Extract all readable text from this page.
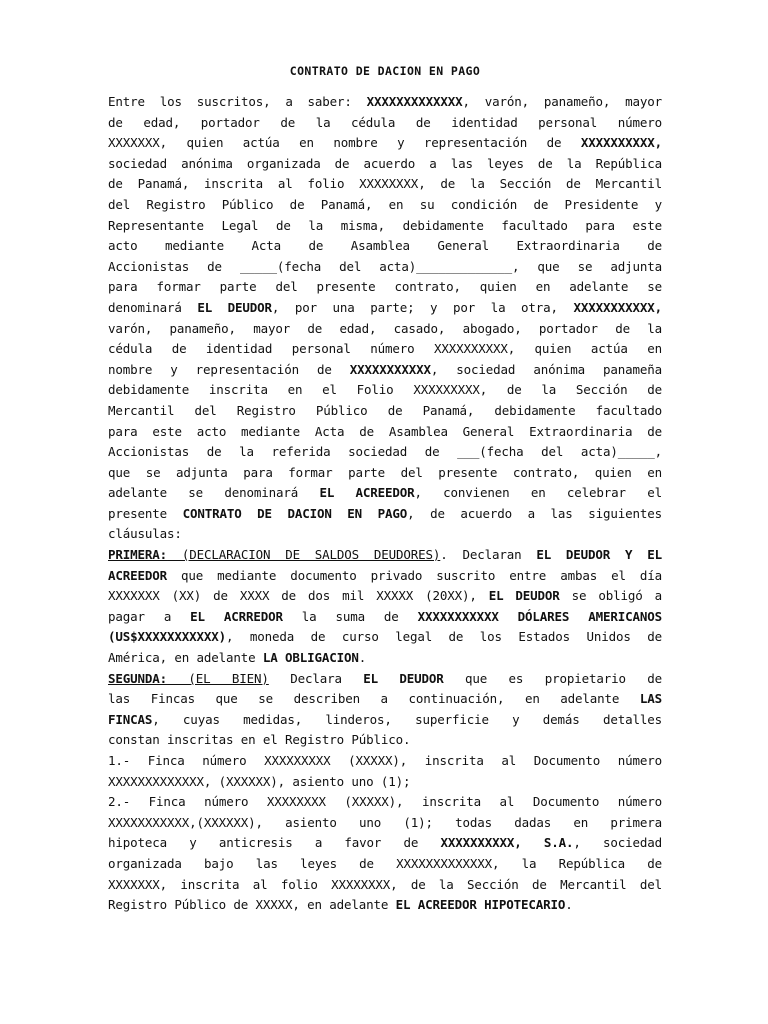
CONTRATO DE DACION EN PAGO
Entre los suscritos, a saber: XXXXXXXXXXXXX, varón, panameño, mayor
de edad, portador de la cédula de identidad personal número
XXXXXXX, quien actúa en nombre y representación de XXXXXXXXXX,
sociedad anónima organizada de acuerdo a las leyes de la República
de Panamá, inscrita al folio XXXXXXXX, de la Sección de Mercantil
del Registro Público de Panamá, en su condición de Presidente y
Representante Legal de la misma, debidamente facultado para este
acto mediante Acta de Asamblea General Extraordinaria de
Accionistas de _____(fecha del acta)_____________, que se adjunta
para formar parte del presente contrato, quien en adelante se
denominará EL DEUDOR, por una parte; y por la otra, XXXXXXXXXXX,
varón, panameño, mayor de edad, casado, abogado, portador de la
cédula de identidad personal número XXXXXXXXXX, quien actúa en
nombre y representación de XXXXXXXXXXX, sociedad anónima panameña
debidamente inscrita en el Folio XXXXXXXXX, de la Sección de
Mercantil del Registro Público de Panamá, debidamente facultado
para este acto mediante Acta de Asamblea General Extraordinaria de
Accionistas de la referida sociedad de ___(fecha del acta)_____,
que se adjunta para formar parte del presente contrato, quien en
adelante se denominará EL ACREEDOR, convienen en celebrar el
presente CONTRATO DE DACION EN PAGO, de acuerdo a las siguientes
cláusulas:
PRIMERA: (DECLARACION DE SALDOS DEUDORES). Declaran EL DEUDOR Y EL
ACREEDOR que mediante documento privado suscrito entre ambas el día
XXXXXXX (XX) de XXXX de dos mil XXXXX (20XX), EL DEUDOR se obligó a
pagar a EL ACRREDOR la suma de XXXXXXXXXXX DÓLARES AMERICANOS
(US$XXXXXXXXXXX), moneda de curso legal de los Estados Unidos de
América, en adelante LA OBLIGACION.
SEGUNDA: (EL BIEN) Declara EL DEUDOR que es propietario de
las Fincas que se describen a continuación, en adelante LAS
FINCAS, cuyas medidas, linderos, superficie y demás detalles
constan inscritas en el Registro Público.
1.- Finca número XXXXXXXXX (XXXXX), inscrita al Documento número
XXXXXXXXXXXXX, (XXXXXX), asiento uno (1);
2.- Finca número XXXXXXXX (XXXXX), inscrita al Documento número
XXXXXXXXXXX,(XXXXXX), asiento uno (1); todas dadas en primera
hipoteca y anticresis a favor de XXXXXXXXXX, S.A., sociedad
organizada bajo las leyes de XXXXXXXXXXXXX, la República de
XXXXXXX, inscrita al folio XXXXXXXX, de la Sección de Mercantil del
Registro Público de XXXXX, en adelante EL ACREEDOR HIPOTECARIO.
